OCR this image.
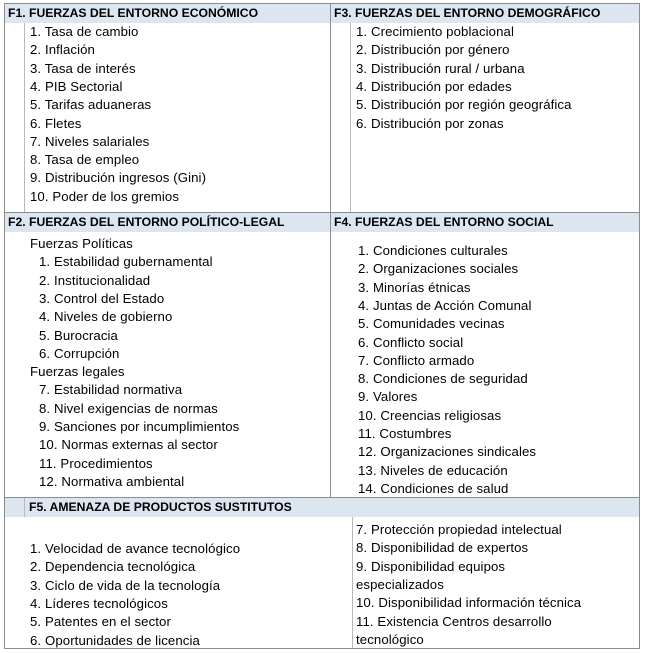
F1. FUERZAS DEL ENTORNO ECONÓMICO
1. Tasa de cambio
2. Inflación
3. Tasa de interés
4. PIB Sectorial
5. Tarifas aduaneras
6. Fletes
7. Niveles salariales
8. Tasa de empleo
9. Distribución ingresos (Gini)
10. Poder de los gremios
F3. FUERZAS DEL ENTORNO DEMOGRÁFICO
1. Crecimiento poblacional
2. Distribución por género
3. Distribución rural / urbana
4. Distribución por edades
5. Distribución por región geográfica
6. Distribución por zonas
F2. FUERZAS DEL ENTORNO POLÍTICO-LEGAL
Fuerzas Políticas
1. Estabilidad gubernamental
2. Institucionalidad
3. Control del Estado
4. Niveles de gobierno
5. Burocracia
6. Corrupción
Fuerzas legales
7. Estabilidad normativa
8. Nivel exigencias de normas
9. Sanciones por incumplimientos
10. Normas externas al sector
11. Procedimientos
12. Normativa ambiental
F4. FUERZAS DEL ENTORNO SOCIAL
1. Condiciones culturales
2. Organizaciones sociales
3. Minorías étnicas
4. Juntas de Acción Comunal
5. Comunidades vecinas
6. Conflicto social
7. Conflicto armado
8. Condiciones de seguridad
9. Valores
10. Creencias religiosas
11. Costumbres
12. Organizaciones sindicales
13. Niveles de educación
14. Condiciones de salud
F5. AMENAZA DE PRODUCTOS SUSTITUTOS
1. Velocidad de avance tecnológico
2. Dependencia tecnológica
3. Ciclo de vida de la tecnología
4. Líderes tecnológicos
5. Patentes en el sector
6. Oportunidades de licencia
7. Protección propiedad intelectual
8. Disponibilidad de expertos
9. Disponibilidad equipos
especializados
10. Disponibilidad información técnica
11. Existencia Centros desarrollo
tecnológico
